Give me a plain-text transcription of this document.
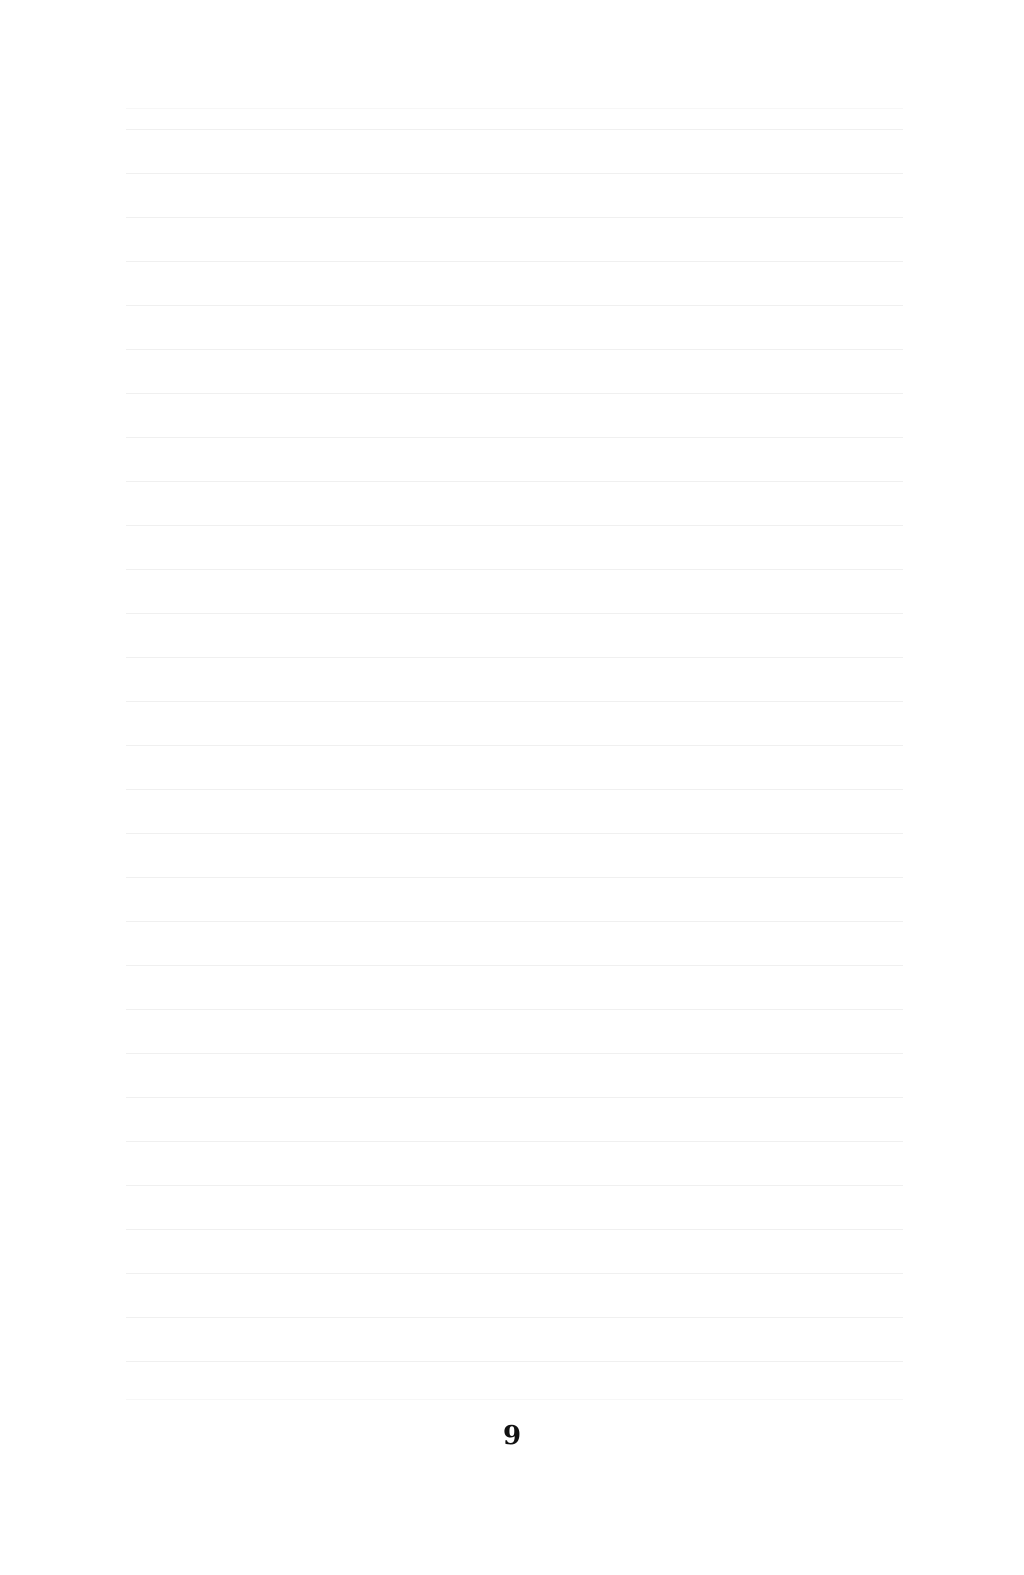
9
